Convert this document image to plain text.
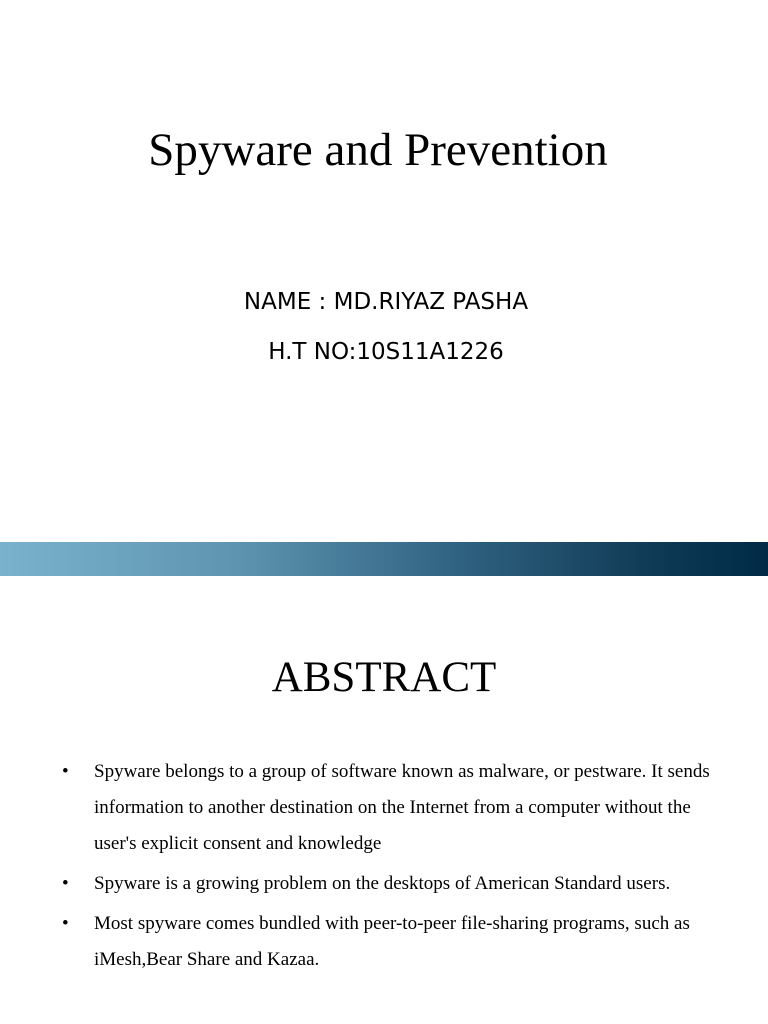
Spyware and Prevention

NAME : MD.RIYAZ PASHA

H.T NO:10S11A1226

ABSTRACT
• Spyware belongs to a group of software known as malware, or pestware. It sends information to another destination on the Internet from a computer without the user's explicit consent and knowledge
• Spyware is a growing problem on the desktops of American Standard users.
• Most spyware comes bundled with peer-to-peer file-sharing programs, such as iMesh,Bear Share and Kazaa.
